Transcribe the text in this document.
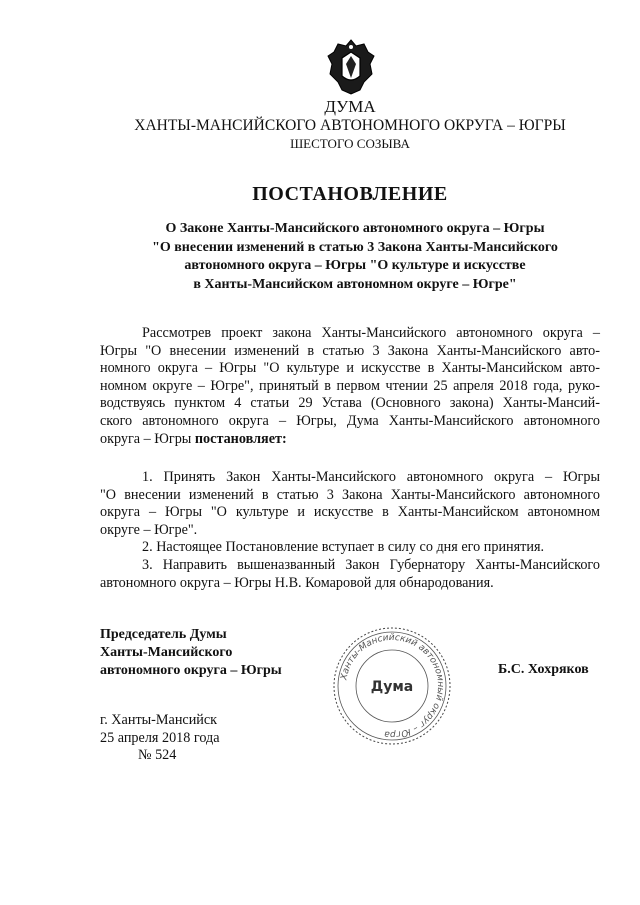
ДУМА
ХАНТЫ-МАНСИЙСКОГО АВТОНОМНОГО ОКРУГА – ЮГРЫ
ШЕСТОГО СОЗЫВА
ПОСТАНОВЛЕНИЕ
О Законе Ханты-Мансийского автономного округа – Югры
"О внесении изменений в статью 3 Закона Ханты-Мансийского
автономного округа – Югры "О культуре и искусстве
в Ханты-Мансийском автономном округе – Югре"
Рассмотрев проект закона Ханты-Мансийского автономного округа –
Югры "О внесении изменений в статью 3 Закона Ханты-Мансийского авто-
номного округа – Югры "О культуре и искусстве в Ханты-Мансийском авто-
номном округе – Югре", принятый в первом чтении 25 апреля 2018 года, руко-
водствуясь пунктом 4 статьи 29 Устава (Основного закона) Ханты-Мансий-
ского автономного округа – Югры, Дума Ханты-Мансийского автономного
округа – Югры постановляет:
1. Принять Закон Ханты-Мансийского автономного округа – Югры
"О внесении изменений в статью 3 Закона Ханты-Мансийского автономного
округа – Югры "О культуре и искусстве в Ханты-Мансийском автономном
округе – Югре".
2. Настоящее Постановление вступает в силу со дня его принятия.
3. Направить вышеназванный Закон Губернатору Ханты-Мансийского
автономного округа – Югры Н.В. Комаровой для обнародования.
Председатель Думы
Ханты-Мансийского
автономного округа – Югры	Ханты-Мансийский автономный округ – Югра
Дума
Б.С. Хохряков
г. Ханты-Мансийск
25 апреля 2018 года
№ 524
